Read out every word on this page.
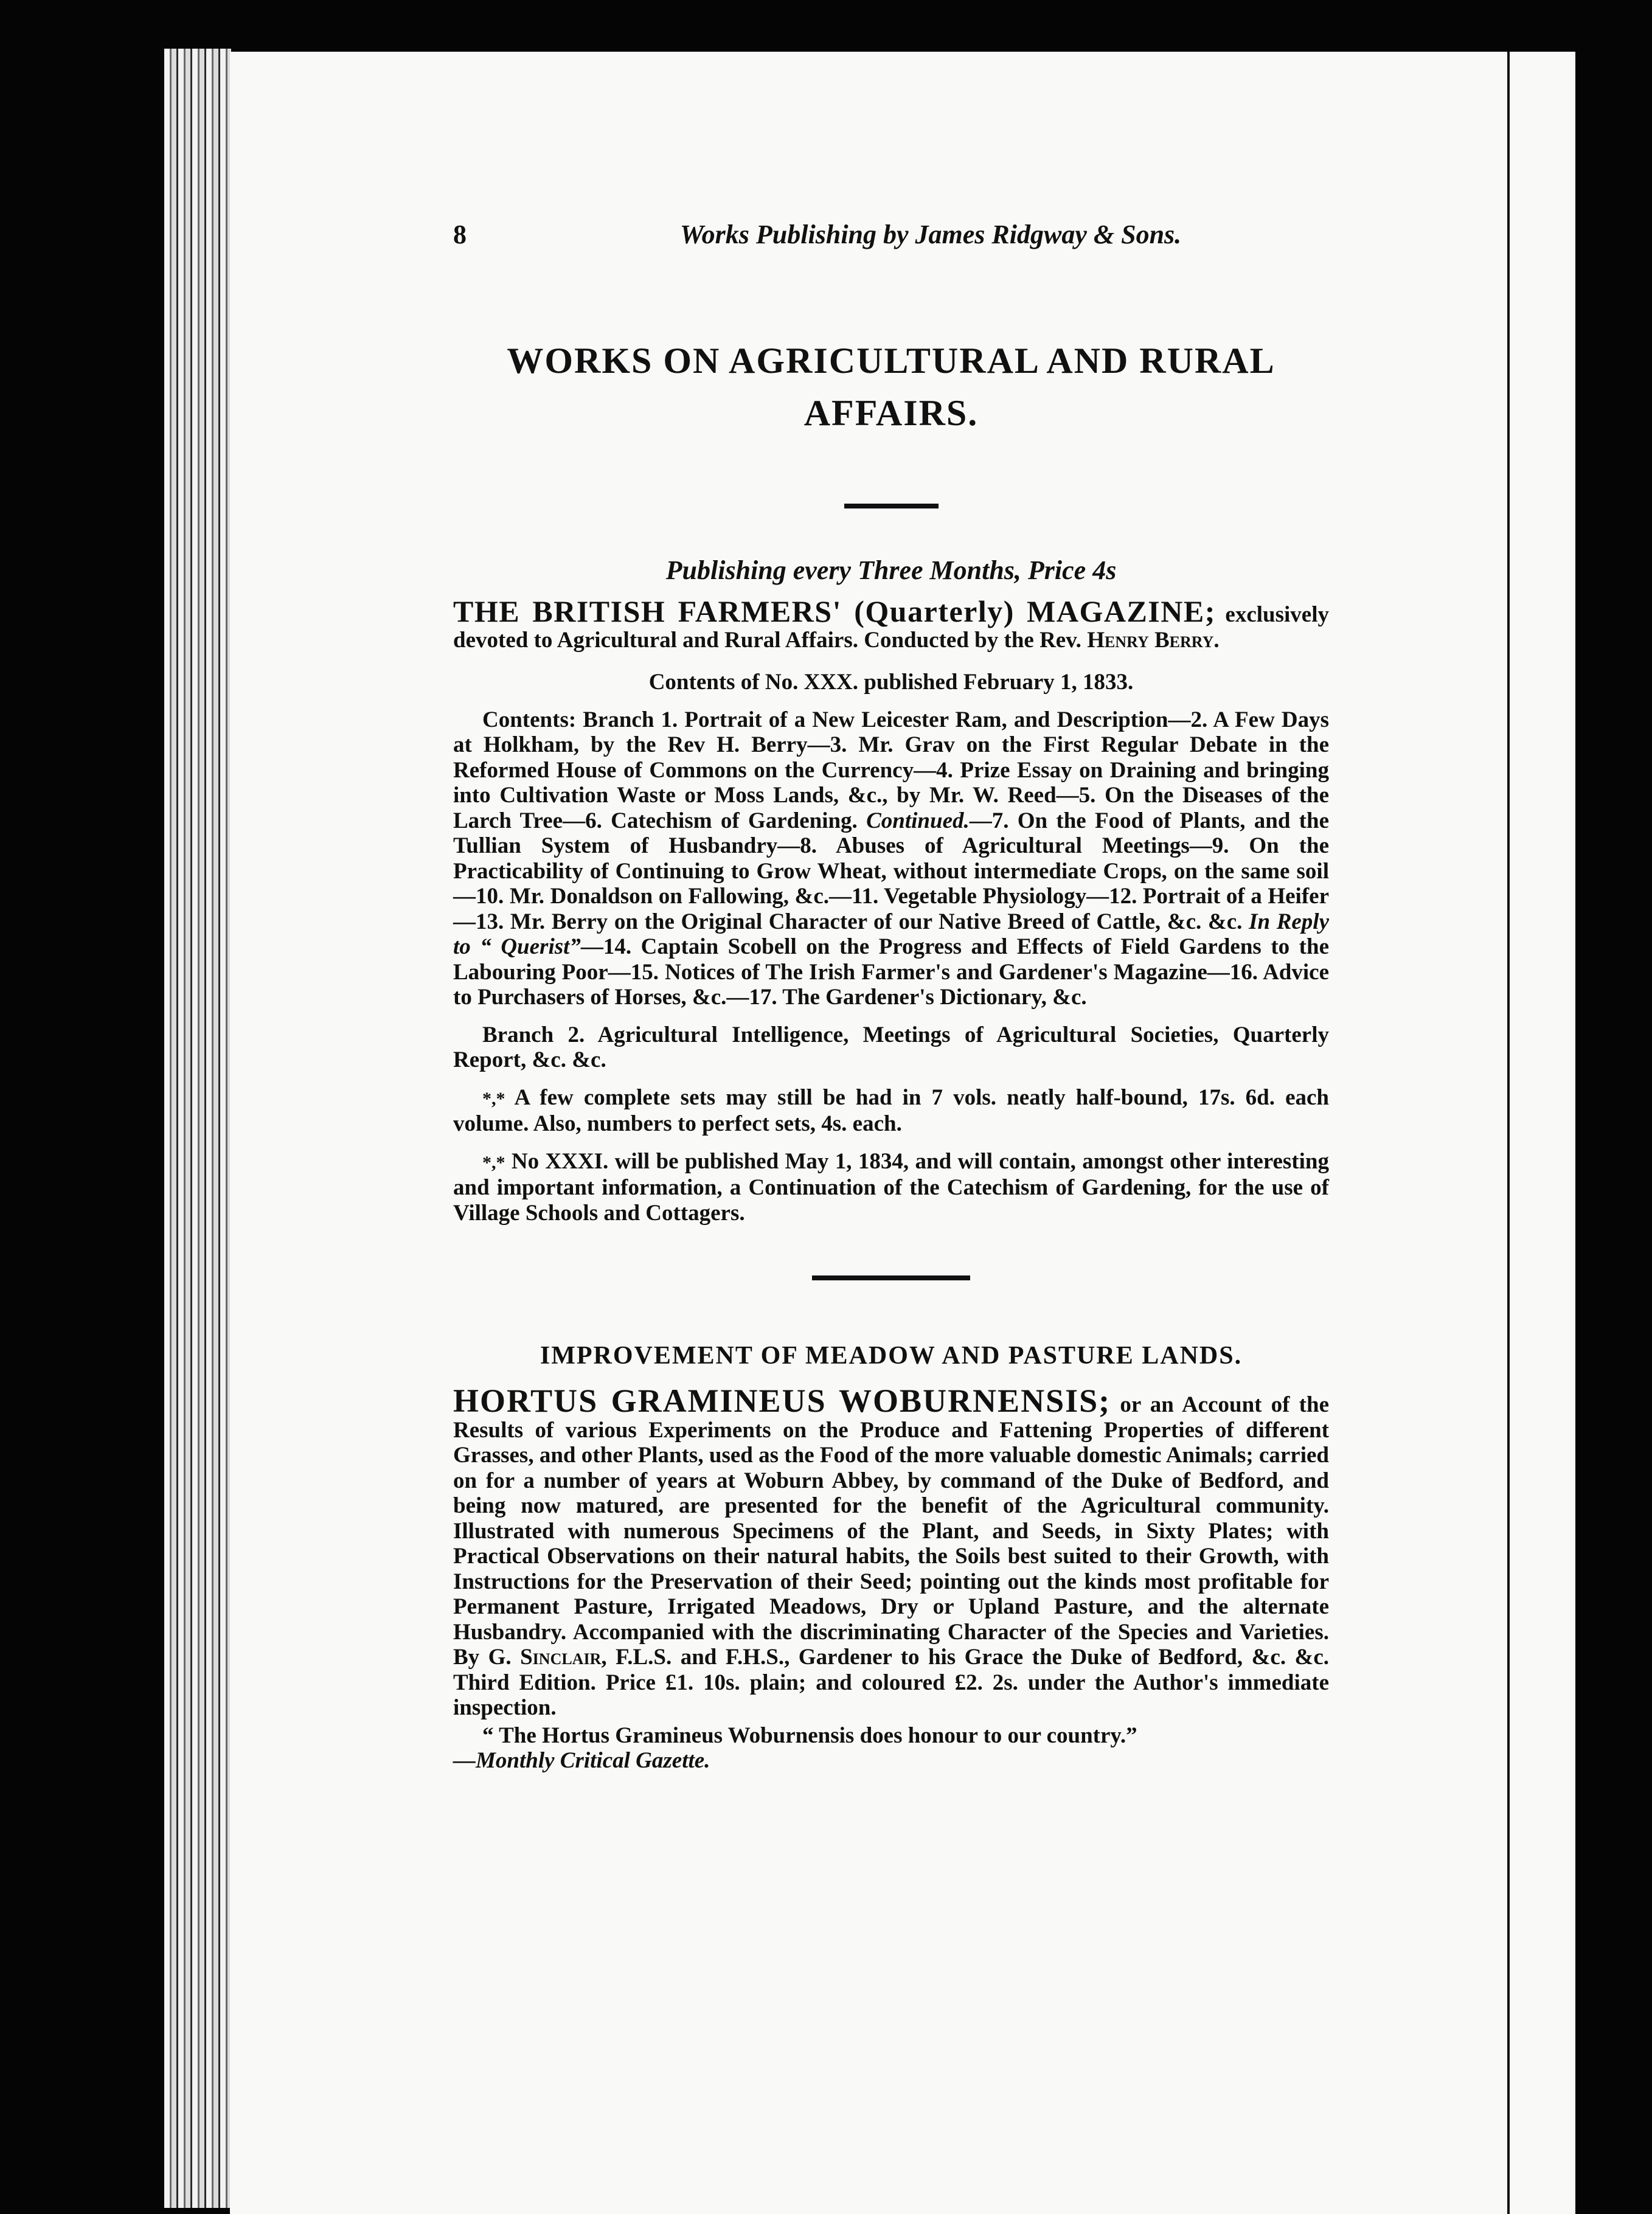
8	Works Publishing by James Ridgway & Sons.
WORKS ON AGRICULTURAL AND RURAL AFFAIRS.
Publishing every Three Months, Price 4s
THE BRITISH FARMERS' (Quarterly) MAGAZINE; exclusively devoted to Agricultural and Rural Affairs. Conducted by the Rev. Henry Berry.
Contents of No. XXX. published February 1, 1833.
Contents: Branch 1. Portrait of a New Leicester Ram, and Description—2. A Few Days at Holkham, by the Rev H. Berry—3. Mr. Grav on the First Regular Debate in the Reformed House of Commons on the Currency—4. Prize Essay on Draining and bringing into Cultivation Waste or Moss Lands, &c., by Mr. W. Reed—5. On the Diseases of the Larch Tree—6. Catechism of Gardening. Continued.—7. On the Food of Plants, and the Tullian System of Husbandry—8. Abuses of Agricultural Meetings—9. On the Practicability of Continuing to Grow Wheat, without intermediate Crops, on the same soil—10. Mr. Donaldson on Fallowing, &c.—11. Vegetable Physiology—12. Portrait of a Heifer—13. Mr. Berry on the Original Character of our Native Breed of Cattle, &c. &c. In Reply to “ Querist”—14. Captain Scobell on the Progress and Effects of Field Gardens to the Labouring Poor—15. Notices of The Irish Farmer's and Gardener's Magazine—16. Advice to Purchasers of Horses, &c.—17. The Gardener's Dictionary, &c.
Branch 2. Agricultural Intelligence, Meetings of Agricultural Societies, Quarterly Report, &c. &c.
*,* A few complete sets may still be had in 7 vols. neatly half-bound, 17s. 6d. each volume. Also, numbers to perfect sets, 4s. each.
*,* No XXXI. will be published May 1, 1834, and will contain, amongst other interesting and important information, a Continuation of the Catechism of Gardening, for the use of Village Schools and Cottagers.
IMPROVEMENT OF MEADOW AND PASTURE LANDS.
HORTUS GRAMINEUS WOBURNENSIS; or an Account of the Results of various Experiments on the Produce and Fattening Properties of different Grasses, and other Plants, used as the Food of the more valuable domestic Animals; carried on for a number of years at Woburn Abbey, by command of the Duke of Bedford, and being now matured, are presented for the benefit of the Agricultural community. Illustrated with numerous Specimens of the Plant, and Seeds, in Sixty Plates; with Practical Observations on their natural habits, the Soils best suited to their Growth, with Instructions for the Preservation of their Seed; pointing out the kinds most profitable for Permanent Pasture, Irrigated Meadows, Dry or Upland Pasture, and the alternate Husbandry. Accompanied with the discriminating Character of the Species and Varieties. By G. Sinclair, F.L.S. and F.H.S., Gardener to his Grace the Duke of Bedford, &c. &c. Third Edition. Price £1. 10s. plain; and coloured £2. 2s. under the Author's immediate inspection.
“ The Hortus Gramineus Woburnensis does honour to our country.”
—Monthly Critical Gazette.
